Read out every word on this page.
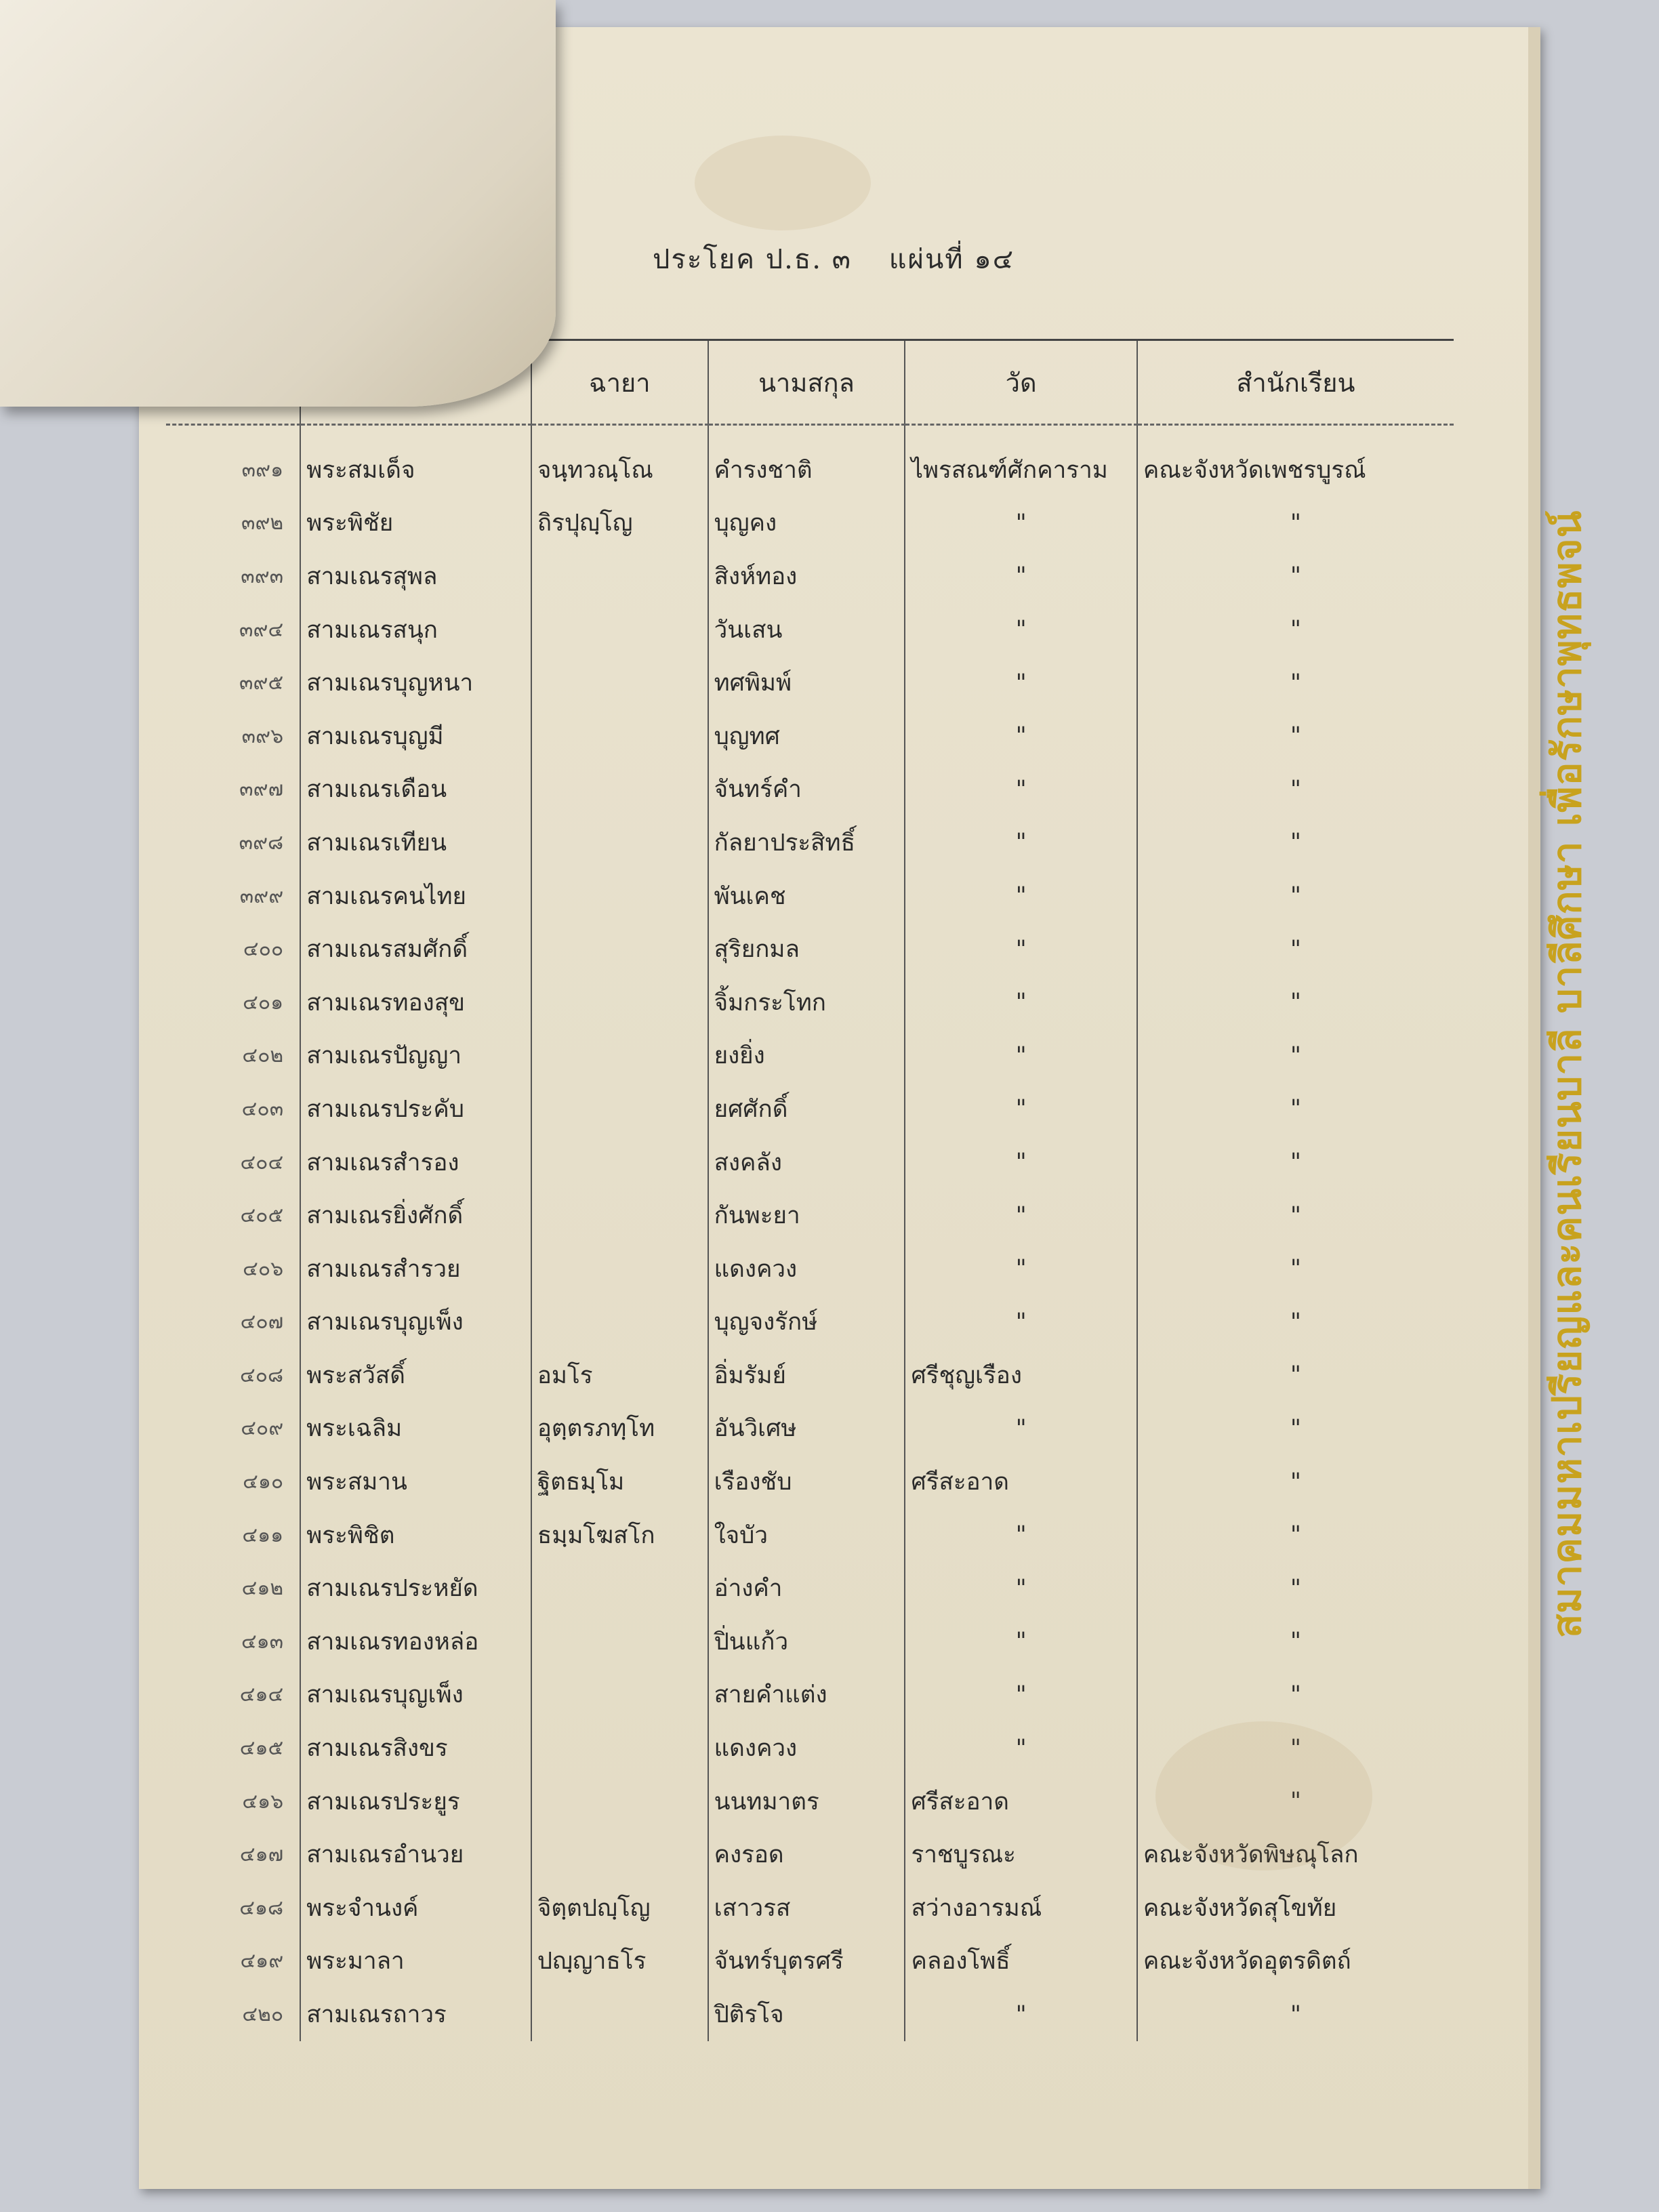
ประโยค ป.ธ. ๓ แผ่นที่ ๑๔
		ฉายา	นามสกุล	วัด	สำนักเรียน
๓๙๑	พระสมเด็จ	จนฺทวณฺโณ	คำรงชาติ	ไพรสณฑ์ศักคาราม	คณะจังหวัดเพชรบูรณ์
๓๙๒	พระพิชัย	ถิรปุญฺโญ	บุญคง	"	"
๓๙๓	สามเณรสุพล		สิงห์ทอง	"	"
๓๙๔	สามเณรสนุก		วันเสน	"	"
๓๙๕	สามเณรบุญหนา		ทศพิมพ์	"	"
๓๙๖	สามเณรบุญมี		บุญทศ	"	"
๓๙๗	สามเณรเดือน		จันทร์คำ	"	"
๓๙๘	สามเณรเทียน		กัลยาประสิทธิ์	"	"
๓๙๙	สามเณรคนไทย		พันเคช	"	"
๔๐๐	สามเณรสมศักดิ์		สุริยกมล	"	"
๔๐๑	สามเณรทองสุข		จิ้มกระโทก	"	"
๔๐๒	สามเณรปัญญา		ยงยิ่ง	"	"
๔๐๓	สามเณรประคับ		ยศศักดิ์	"	"
๔๐๔	สามเณรสำรอง		สงคลัง	"	"
๔๐๕	สามเณรยิ่งศักดิ์		กันพะยา	"	"
๔๐๖	สามเณรสำรวย		แดงควง	"	"
๔๐๗	สามเณรบุญเพ็ง		บุญจงรักษ์	"	"
๔๐๘	พระสวัสดิ์	อมโร	อิ่มรัมย์	ศรีชุญเรือง	"
๔๐๙	พระเฉลิม	อุตฺตรภทฺโท	อันวิเศษ	"	"
๔๑๐	พระสมาน	ฐิตธมฺโม	เรืองชับ	ศรีสะอาด	"
๔๑๑	พระพิชิต	ธมฺมโฆสโก	ใจบัว	"	"
๔๑๒	สามเณรประหยัด		อ่างคำ	"	"
๔๑๓	สามเณรทองหล่อ		ปิ่นแก้ว	"	"
๔๑๔	สามเณรบุญเพ็ง		สายคำแต่ง	"	"
๔๑๕	สามเณรสิงขร		แดงควง	"	"
๔๑๖	สามเณรประยูร		นนทมาตร	ศรีสะอาด	"
๔๑๗	สามเณรอำนวย		คงรอด	ราชบูรณะ	คณะจังหวัดพิษณุโลก
๔๑๘	พระจำนงค์	จิตฺตปญฺโญ	เสาวรส	สว่างอารมณ์	คณะจังหวัดสุโขทัย
๔๑๙	พระมาลา	ปญฺญาธโร	จันทร์บุตรศรี	คลองโพธิ์	คณะจังหวัดอุตรดิตถ์
๔๒๐	สามเณรถาวร		ปิติรโจ	"	"
สมาคมมหาเปรียญและคนเรียนบาลี บาลีศึกษา เพื่อรักษาพุทธพจน์
